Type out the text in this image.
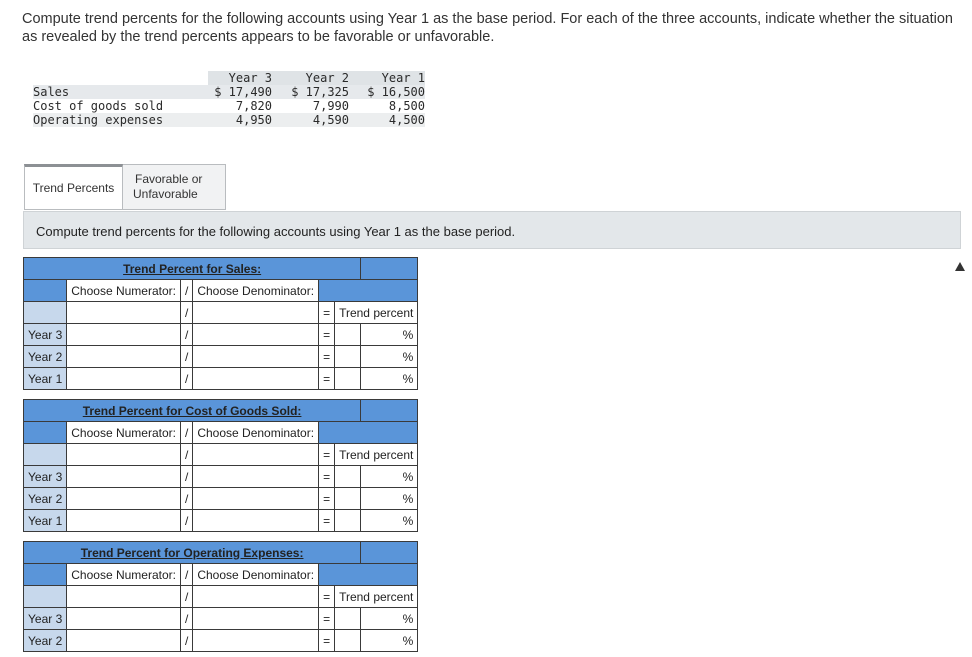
Compute trend percents for the following accounts using Year 1 as the base period. For each of the three accounts, indicate whether the situation as revealed by the trend percents appears to be favorable or unfavorable.

	Year 3	Year 2	Year 1
Sales	$ 17,490	$ 17,325	$ 16,500
Cost of goods sold	7,820	7,990	8,500
Operating expenses	4,950	4,590	4,500
Trend Percents
Favorable or
Unfavorable
Compute trend percents for the following accounts using Year 1 as the base period.
Trend Percent for Sales:						
	Choose Numerator:	/	Choose Denominator:			
		/		=	Trend percent	
Year 3		/		=		%
Year 2		/		=		%
Year 1		/		=		%
Trend Percent for Cost of Goods Sold:						
	Choose Numerator:	/	Choose Denominator:			
		/		=	Trend percent	
Year 3		/		=		%
Year 2		/		=		%
Year 1		/		=		%
Trend Percent for Operating Expenses:						
	Choose Numerator:	/	Choose Denominator:			
		/		=	Trend percent	
Year 3		/		=		%
Year 2		/		=		%
